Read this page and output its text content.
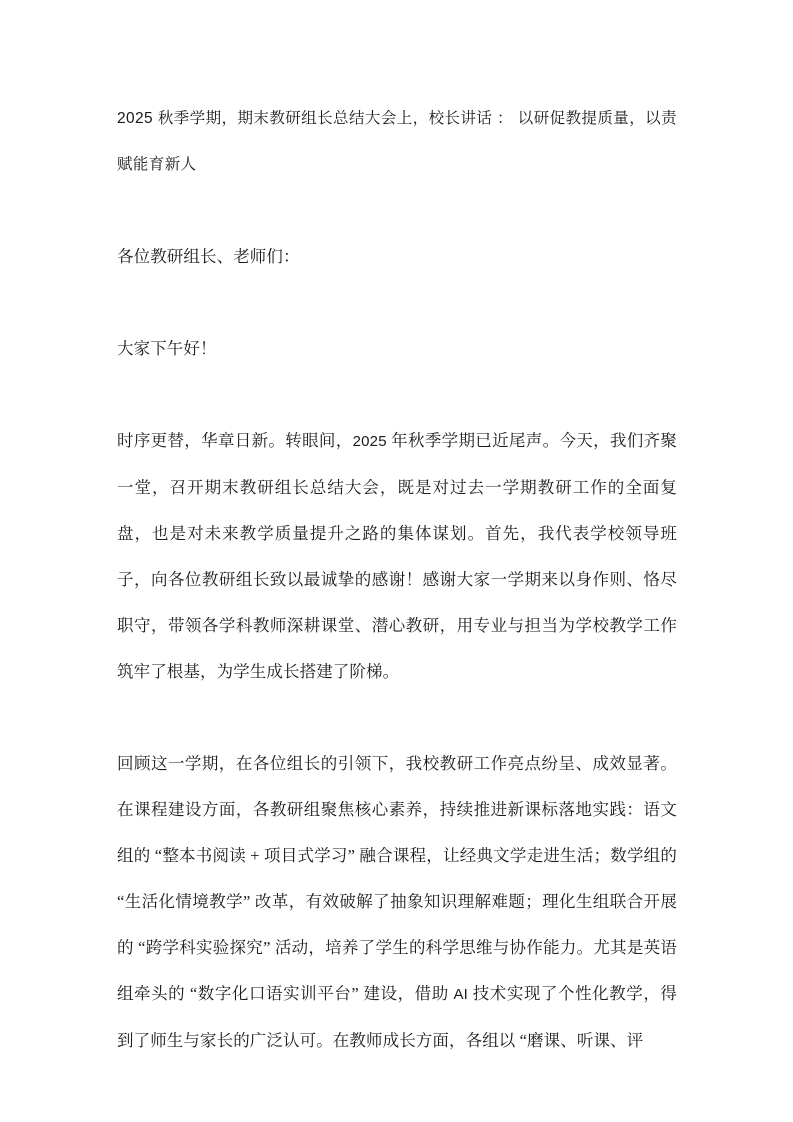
2025 秋季学期，期末教研组长总结大会上，校长讲话 ： 以研促教提质量，以责赋能育新人
各位教研组长、老师们：
大家下午好！
时序更替，华章日新。转眼间，2025 年秋季学期已近尾声。今天，我们齐聚一堂，召开期末教研组长总结大会，既是对过去一学期教研工作的全面复盘，也是对未来教学质量提升之路的集体谋划。首先，我代表学校领导班子，向各位教研组长致以最诚挚的感谢！感谢大家一学期来以身作则、恪尽职守，带领各学科教师深耕课堂、潜心教研，用专业与担当为学校教学工作筑牢了根基，为学生成长搭建了阶梯。
回顾这一学期，在各位组长的引领下，我校教研工作亮点纷呈、成效显著。在课程建设方面，各教研组聚焦核心素养，持续推进新课标落地实践：语文组的 “整本书阅读 + 项目式学习” 融合课程，让经典文学走进生活；数学组的 “生活化情境教学” 改革，有效破解了抽象知识理解难题；理化生组联合开展的 “跨学科实验探究” 活动，培养了学生的科学思维与协作能力。尤其是英语组牵头的 “数字化口语实训平台” 建设，借助 AI 技术实现了个性化教学，得到了师生与家长的广泛认可。在教师成长方面，各组以 “磨课、听课、评
